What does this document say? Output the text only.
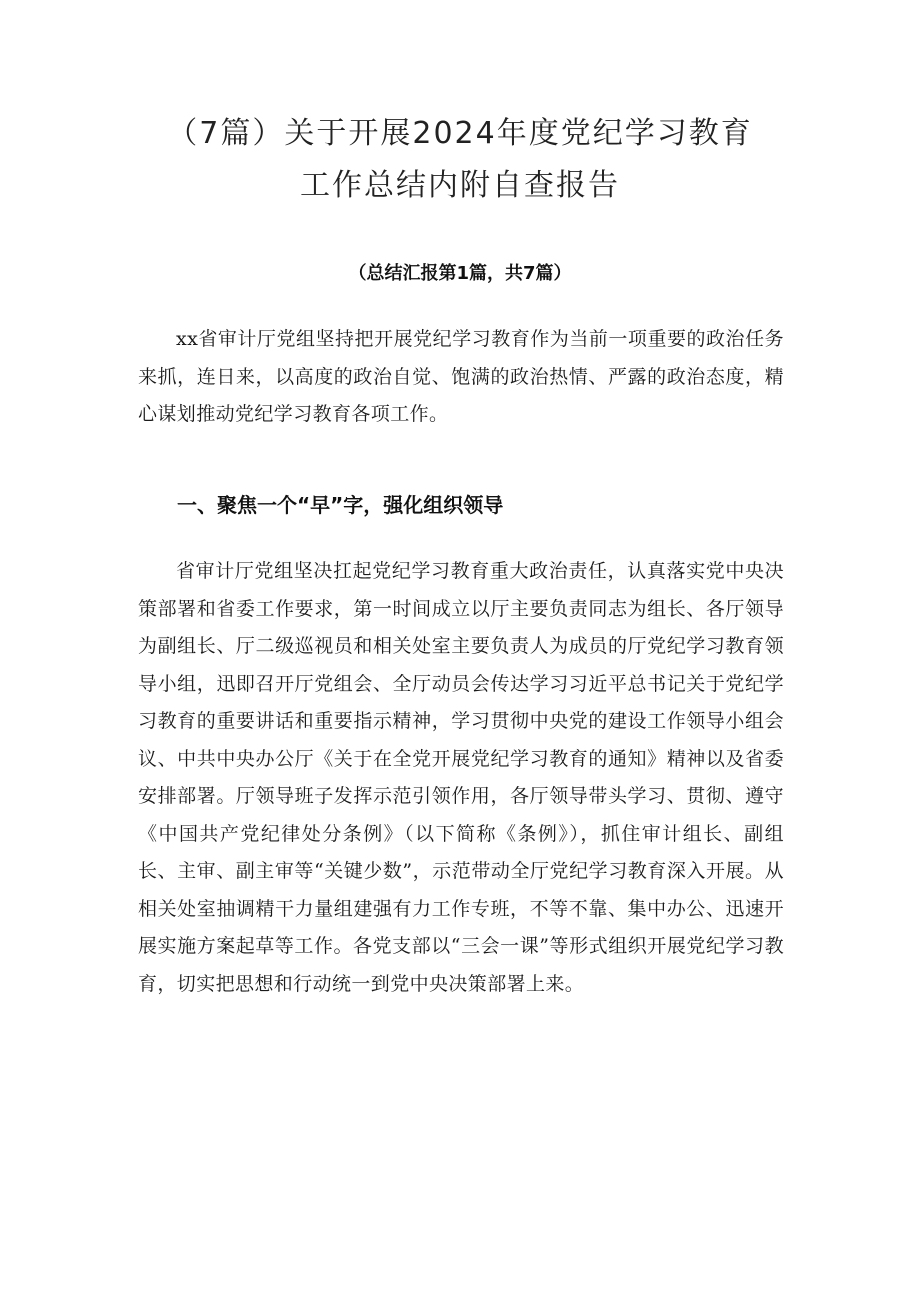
（7篇）关于开展2024年度党纪学习教育
工作总结内附自查报告
（总结汇报第1篇，共7篇）

xx省审计厅党组坚持把开展党纪学习教育作为当前一项重要的政治任务来抓，连日来，以高度的政治自觉、饱满的政治热情、严露的政治态度，精心谋划推动党纪学习教育各项工作。

一、聚焦一个“早”字，强化组织领导

省审计厅党组坚决扛起党纪学习教育重大政治责任，认真落实党中央决策部署和省委工作要求，第一时间成立以厅主要负责同志为组长、各厅领导为副组长、厅二级巡视员和相关处室主要负责人为成员的厅党纪学习教育领导小组，迅即召开厅党组会、全厅动员会传达学习习近平总书记关于党纪学习教育的重要讲话和重要指示精神，学习贯彻中央党的建设工作领导小组会议、中共中央办公厅《关于在全党开展党纪学习教育的通知》精神以及省委安排部署。厅领导班子发挥示范引领作用，各厅领导带头学习、贯彻、遵守《中国共产党纪律处分条例》（以下简称《条例》），抓住审计组长、副组长、主审、副主审等“关键少数”，示范带动全厅党纪学习教育深入开展。从相关处室抽调精干力量组建强有力工作专班，不等不靠、集中办公、迅速开展实施方案起草等工作。各党支部以“三会一课”等形式组织开展党纪学习教育，切实把思想和行动统一到党中央决策部署上来。
